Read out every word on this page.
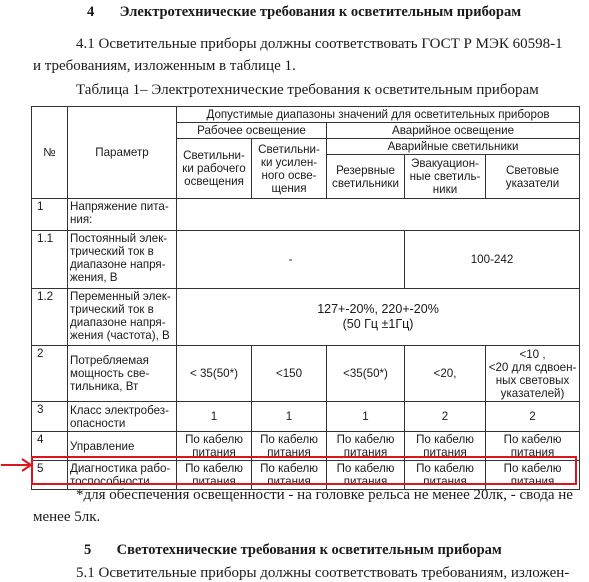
4 Электротехнические требования к осветительным приборам
4.1 Осветительные приборы должны соответствовать ГОСТ Р МЭК 60598-1
и требованиям, изложенным в таблице 1.
Таблица 1– Электротехнические требования к осветительным приборам
№	Параметр	Допустимые диапазоны значений для осветительных приборов				
		Рабочее освещение		Аварийное освещение		
		Светильни-
ки рабочего
освещения	Светильни-
ки усилен-
ного осве-
щения	Аварийные светильники		
				Резервные
светильники	Эвакуацион-
ные светиль-
ники	Световые
указатели
1	Напряжение пита-
ния:					
1.1	Постоянный элек-
трический ток в
диапазоне напря-
жения, В	-			100-242	
1.2	Переменный элек-
трический ток в
диапазоне напря-
жения (частота), В	127+-20%, 220+-20%
(50 Гц ±1Гц)				
2	Потребляемая
мощность све-
тильника, Вт	< 35(50*)	<150	<35(50*)	<20,	<10 ,
<20 для сдвоен-
ных световых
указателей)
3	Класс электробез-
опасности	1	1	1	2	2
4	Управление	По кабелю
питания	По кабелю
питания	По кабелю
питания	По кабелю
питания	По кабелю
питания
5	Диагностика рабо-
тоспособности	По кабелю
питания	По кабелю
питания	По кабелю
питания	По кабелю
питания	По кабелю
питания
*для обеспечения освещенности - на головке рельса не менее 20лк, - свода не
менее 5лк.
5 Светотехнические требования к осветительным приборам
5.1 Осветительные приборы должны соответствовать требованиям, изложен-
